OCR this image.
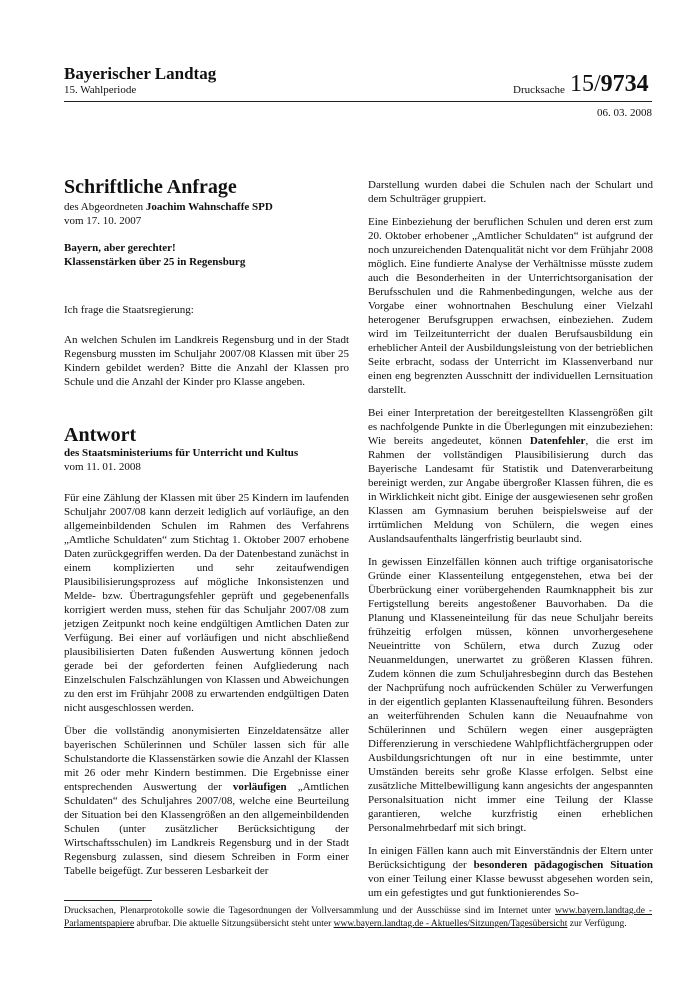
Bayerischer Landtag
15. Wahlperiode	Drucksache 15/9734
06. 03. 2008
Schriftliche Anfrage
des Abgeordneten Joachim Wahnschaffe SPD
vom 17. 10. 2007
Bayern, aber gerechter!
Klassenstärken über 25 in Regensburg

Ich frage die Staatsregierung:

An welchen Schulen im Landkreis Regensburg und in der Stadt Regensburg mussten im Schuljahr 2007/08 Klassen mit über 25 Kindern gebildet werden? Bitte die Anzahl der Klassen pro Schule und die Anzahl der Kinder pro Klasse angeben.

Antwort
des Staatsministeriums für Unterricht und Kultus
vom 11. 01. 2008

Für eine Zählung der Klassen mit über 25 Kindern im laufenden Schuljahr 2007/08 kann derzeit lediglich auf vorläufige, an den allgemeinbildenden Schulen im Rahmen des Verfahrens „Amtliche Schuldaten“ zum Stichtag 1. Oktober 2007 erhobene Daten zurückgegriffen werden. Da der Datenbestand zunächst in einem komplizierten und sehr zeitaufwendigen Plausibilisierungsprozess auf mögliche Inkonsistenzen und Melde- bzw. Übertragungsfehler geprüft und gegebenenfalls korrigiert werden muss, stehen für das Schuljahr 2007/08 zum jetzigen Zeitpunkt noch keine endgültigen Amtlichen Daten zur Verfügung. Bei einer auf vorläufigen und nicht abschließend plausibilisierten Daten fußenden Auswertung können jedoch gerade bei der geforderten feinen Aufgliederung nach Einzelschulen Falschzählungen von Klassen und Abweichungen zu den erst im Frühjahr 2008 zu erwartenden endgültigen Daten nicht ausgeschlossen werden.

Über die vollständig anonymisierten Einzeldatensätze aller bayerischen Schülerinnen und Schüler lassen sich für alle Schulstandorte die Klassenstärken sowie die Anzahl der Klassen mit 26 oder mehr Kindern bestimmen. Die Ergebnisse einer entsprechenden Auswertung der vorläufigen „Amtlichen Schuldaten“ des Schuljahres 2007/08, welche eine Beurteilung der Situation bei den Klassengrößen an den allgemeinbildenden Schulen (unter zusätzlicher Berücksichtigung der Wirtschaftsschulen) im Landkreis Regensburg und in der Stadt Regensburg zulassen, sind diesem Schreiben in Form einer Tabelle beigefügt. Zur besseren Lesbarkeit der

Darstellung wurden dabei die Schulen nach der Schulart und dem Schulträger gruppiert.

Eine Einbeziehung der beruflichen Schulen und deren erst zum 20. Oktober erhobener „Amtlicher Schuldaten“ ist aufgrund der noch unzureichenden Datenqualität nicht vor dem Frühjahr 2008 möglich. Eine fundierte Analyse der Verhältnisse müsste zudem auch die Besonderheiten in der Unterrichtsorganisation der Berufsschulen und die Rahmenbedingungen, welche aus der Vorgabe einer wohnortnahen Beschulung einer Vielzahl heterogener Berufsgruppen erwachsen, einbeziehen. Zudem wird im Teilzeitunterricht der dualen Berufsausbildung ein erheblicher Anteil der Ausbildungsleistung von der betrieblichen Seite erbracht, sodass der Unterricht im Klassenverband nur einen eng begrenzten Ausschnitt der individuellen Lernsituation darstellt.

Bei einer Interpretation der bereitgestellten Klassengrößen gilt es nachfolgende Punkte in die Überlegungen mit einzubeziehen: Wie bereits angedeutet, können Datenfehler, die erst im Rahmen der vollständigen Plausibilisierung durch das Bayerische Landesamt für Statistik und Datenverarbeitung bereinigt werden, zur Angabe übergroßer Klassen führen, die es in Wirklichkeit nicht gibt. Einige der ausgewiesenen sehr großen Klassen am Gymnasium beruhen beispielsweise auf der irrtümlichen Meldung von Schülern, die wegen eines Auslandsaufenthalts längerfristig beurlaubt sind.

In gewissen Einzelfällen können auch triftige organisatorische Gründe einer Klassenteilung entgegenstehen, etwa bei der Überbrückung einer vorübergehenden Raumknappheit bis zur Fertigstellung bereits angestoßener Bauvorhaben. Da die Planung und Klasseneinteilung für das neue Schuljahr bereits frühzeitig erfolgen müssen, können unvorhergesehene Neueintritte von Schülern, etwa durch Zuzug oder Neuanmeldungen, unerwartet zu größeren Klassen führen. Zudem können die zum Schuljahresbeginn durch das Bestehen der Nachprüfung noch aufrückenden Schüler zu Verwerfungen in der eigentlich geplanten Klassenaufteilung führen. Besonders an weiterführenden Schulen kann die Neuaufnahme von Schülerinnen und Schülern wegen einer ausgeprägten Differenzierung in verschiedene Wahlpflichtfächergruppen oder Ausbildungsrichtungen oft nur in eine bestimmte, unter Umständen bereits sehr große Klasse erfolgen. Selbst eine zusätzliche Mittelbewilligung kann angesichts der angespannten Personalsituation nicht immer eine Teilung der Klasse garantieren, welche kurzfristig einen erheblichen Personalmehrbedarf mit sich bringt.

In einigen Fällen kann auch mit Einverständnis der Eltern unter Berücksichtigung der besonderen pädagogischen Situation von einer Teilung einer Klasse bewusst abgesehen worden sein, um ein gefestigtes und gut funktionierendes So-

Drucksachen, Plenarprotokolle sowie die Tagesordnungen der Vollversammlung und der Ausschüsse sind im Internet unter www.bayern.landtag.de - Parlamentspapiere abrufbar. Die aktuelle Sitzungsübersicht steht unter www.bayern.landtag.de - Aktuelles/Sitzungen/Tagesübersicht zur Verfügung.
